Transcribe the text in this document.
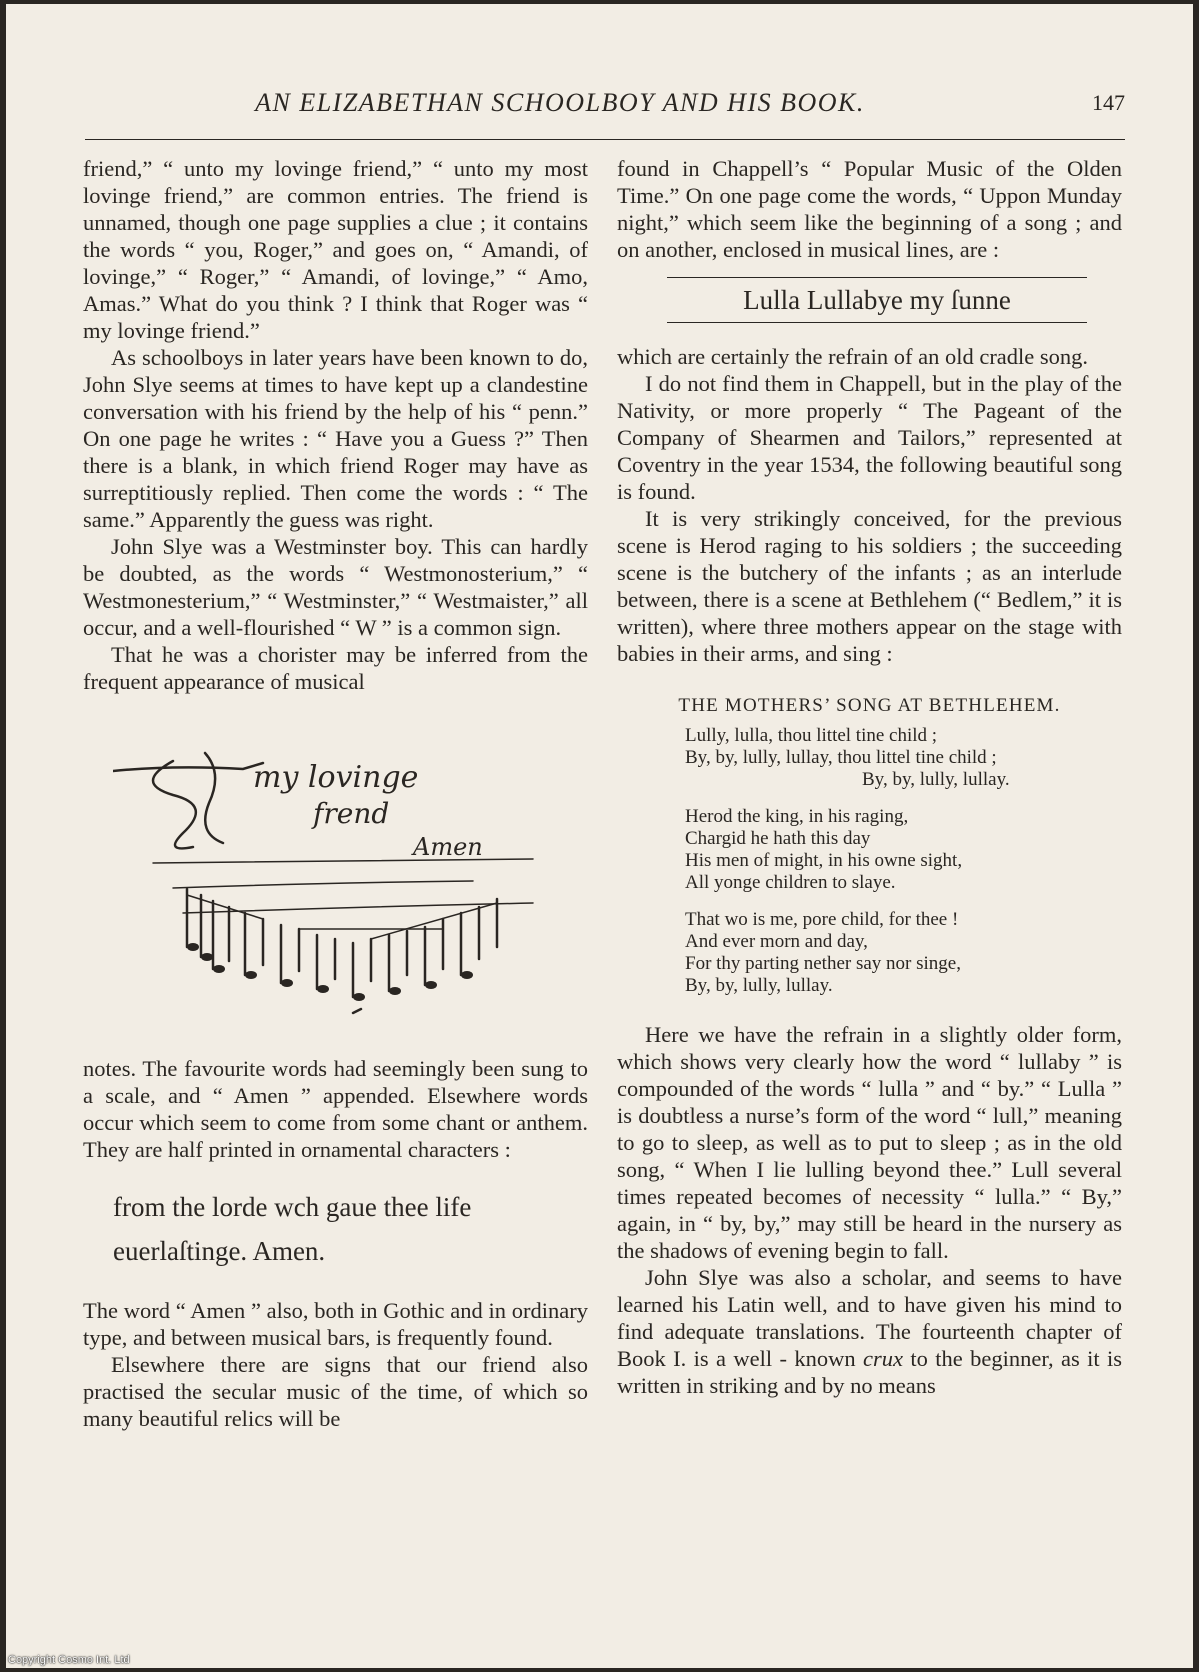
AN ELIZABETHAN SCHOOLBOY AND HIS BOOK.	147

friend,” “ unto my lovinge friend,” “ unto my most lovinge friend,” are common entries. The friend is unnamed, though one page supplies a clue ; it contains the words “ you, Roger,” and goes on, “ Amandi, of lovinge,” “ Roger,” “ Amandi, of lovinge,” “ Amo, Amas.” What do you think ? I think that Roger was “ my lovinge friend.”

As schoolboys in later years have been known to do, John Slye seems at times to have kept up a clandestine conversation with his friend by the help of his “ penn.” On one page he writes : “ Have you a Guess ?” Then there is a blank, in which friend Roger may have as surreptitiously replied. Then come the words : “ The same.” Apparently the guess was right.

John Slye was a Westminster boy. This can hardly be doubted, as the words “ Westmonosterium,” “ Westmonesterium,” “ Westminster,” “ Westmaister,” all occur, and a well-flourished “ W ” is a common sign.

That he was a chorister may be inferred from the frequent appearance of musical

my lovinge
frend
Amen

notes. The favourite words had seemingly been sung to a scale, and “ Amen ” appended. Elsewhere words occur which seem to come from some chant or anthem. They are half printed in ornamental characters :

from the lorde wch gaue thee life
euerlaſtinge. Amen.

The word “ Amen ” also, both in Gothic and in ordinary type, and between musical bars, is frequently found.

Elsewhere there are signs that our friend also practised the secular music of the time, of which so many beautiful relics will be

found in Chappell’s “ Popular Music of the Olden Time.” On one page come the words, “ Uppon Munday night,” which seem like the beginning of a song ; and on another, enclosed in musical lines, are :

Lulla Lullabye my ſunne

which are certainly the refrain of an old cradle song.

I do not find them in Chappell, but in the play of the Nativity, or more properly “ The Pageant of the Company of Shearmen and Tailors,” represented at Coventry in the year 1534, the following beautiful song is found.

It is very strikingly conceived, for the previous scene is Herod raging to his soldiers ; the succeeding scene is the butchery of the infants ; as an interlude between, there is a scene at Bethlehem (“ Bedlem,” it is written), where three mothers appear on the stage with babies in their arms, and sing :

THE MOTHERS’ SONG AT BETHLEHEM.
Lully, lulla, thou littel tine child ;
By, by, lully, lullay, thou littel tine child ;
By, by, lully, lullay.
Herod the king, in his raging,
Chargid he hath this day
His men of might, in his owne sight,
All yonge children to slaye.
That wo is me, pore child, for thee !
And ever morn and day,
For thy parting nether say nor singe,
By, by, lully, lullay.

Here we have the refrain in a slightly older form, which shows very clearly how the word “ lullaby ” is compounded of the words “ lulla ” and “ by.” “ Lulla ” is doubtless a nurse’s form of the word “ lull,” meaning to go to sleep, as well as to put to sleep ; as in the old song, “ When I lie lulling beyond thee.” Lull several times repeated becomes of necessity “ lulla.” “ By,” again, in “ by, by,” may still be heard in the nursery as the shadows of evening begin to fall.

John Slye was also a scholar, and seems to have learned his Latin well, and to have given his mind to find adequate translations. The fourteenth chapter of Book I. is a well - known crux to the beginner, as it is written in striking and by no means

Copyright Cosmo Int. Ltd
